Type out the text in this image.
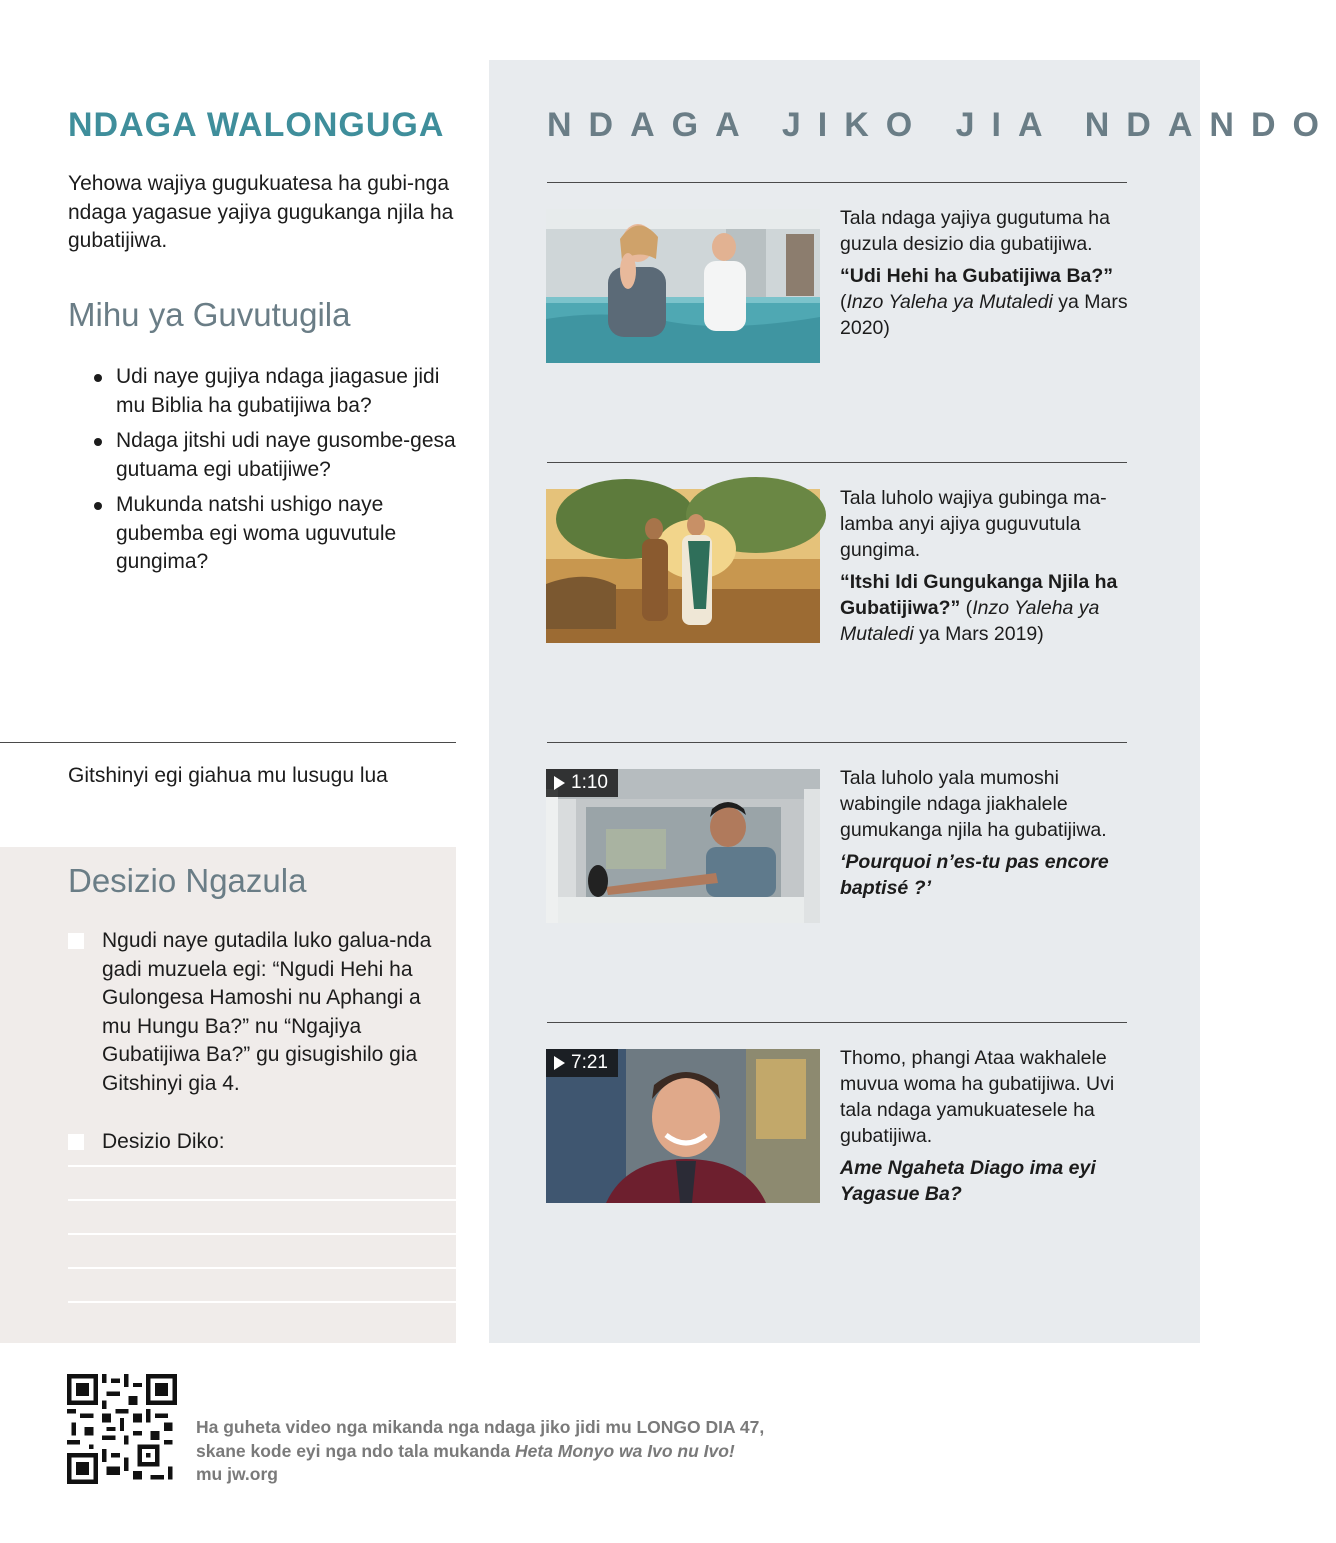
NDAGA WALONGUGA

Yehowa wajiya gugukuatesa ha gubi-nga ndaga yagasue yajiya gugukanga njila ha gubatijiwa.

Mihu ya Guvutugila
Udi naye gujiya ndaga jiagasue jidi mu Biblia ha gubatijiwa ba?
Ndaga jitshi udi naye gusombe-gesa gutuama egi ubatijiwe?
Mukunda natshi ushigo naye gubemba egi woma uguvutule gungima?
Gitshinyi egi giahua mu lusugu lua
Desizio Ngazula
Ngudi naye gutadila luko galua-nda gadi muzuela egi: “Ngudi Hehi ha Gulongesa Hamoshi nu Aphangi a mu Hungu Ba?” nu “Ngajiya Gubatijiwa Ba?” gu gisugishilo gia Gitshinyi gia 4.
Desizio Diko:
NDAGA JIKO JIA NDANDO
Tala ndaga yajiya gugutuma ha guzula desizio dia gubatijiwa.
“Udi Hehi ha Gubatijiwa Ba?”
(Inzo Yaleha ya Mutaledi ya Mars 2020)
Tala luholo wajiya gubinga ma-lamba anyi ajiya guguvutula gungima.
“Itshi Idi Gungukanga Njila ha Gubatijiwa?” (Inzo Yaleha ya Mutaledi ya Mars 2019)
1:10	Tala luholo yala mumoshi wabingile ndaga jiakhalele gumukanga njila ha gubatijiwa.
‘Pourquoi n’es-tu pas encore baptisé ?’
7:21	Thomo, phangi Ataa wakhalele muvua woma ha gubatijiwa. Uvi tala ndaga yamukuatesele ha gubatijiwa.
Ame Ngaheta Diago ima eyi Yagasue Ba?
Ha guheta video nga mikanda nga ndaga jiko jidi mu LONGO DIA 47,
skane kode eyi nga ndo tala mukanda Heta Monyo wa Ivo nu Ivo!
mu jw.org
